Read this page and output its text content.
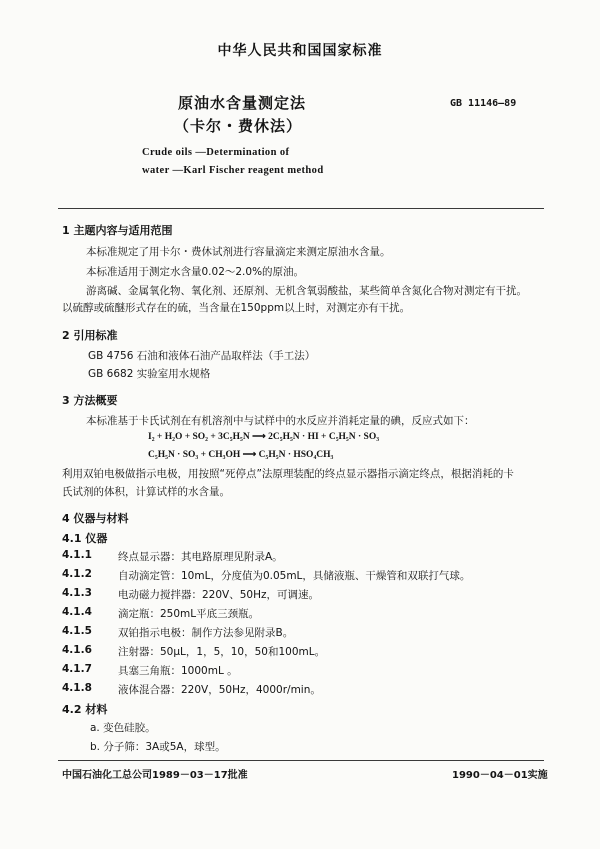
中华人民共和国国家标准
原油水含量测定法
（卡尔・费休法）
GB 11146—89
Crude oils —Determination of
water —Karl Fischer reagent method
1 主题内容与适用范围
本标准规定了用卡尔・费休试剂进行容量滴定来测定原油水含量。
本标准适用于测定水含量0.02～2.0%的原油。
游离碱、金属氧化物、氧化剂、还原剂、无机含氧弱酸盐，某些简单含氮化合物对测定有干扰。
以硫醇或硫醚形式存在的硫，当含量在150ppm以上时，对测定亦有干扰。
2 引用标准
GB 4756 石油和液体石油产品取样法（手工法）
GB 6682 实验室用水规格
3 方法概要
本标准基于卡氏试剂在有机溶剂中与试样中的水反应并消耗定量的碘，反应式如下：
I₂ + H₂O + SO₂ + 3C₅H₅N ⟶ 2C₅H₅N · HI + C₅H₅N · SO₃
C₅H₅N · SO₃ + CH₃OH ⟶ C₅H₅N · HSO₄CH₃
利用双铂电极做指示电极，用按照“死停点”法原理装配的终点显示器指示滴定终点，根据消耗的卡
氏试剂的体积，计算试样的水含量。
4 仪器与材料
4.1 仪器
4.1.1 终点显示器：其电路原理见附录A。
4.1.2 自动滴定管：10mL，分度值为0.05mL，具储液瓶、干燥管和双联打气球。
4.1.3 电动磁力搅拌器：220V、50Hz，可调速。
4.1.4 滴定瓶：250mL平底三颈瓶。
4.1.5 双铂指示电极：制作方法参见附录B。
4.1.6 注射器：50μL，1，5，10，50和100mL。
4.1.7 具塞三角瓶：1000mL 。
4.1.8 液体混合器：220V，50Hz，4000r/min。
4.2 材料
a. 变色硅胶。
b. 分子筛：3A或5A，球型。
中国石油化工总公司1989－03－17批准	1990－04－01实施
